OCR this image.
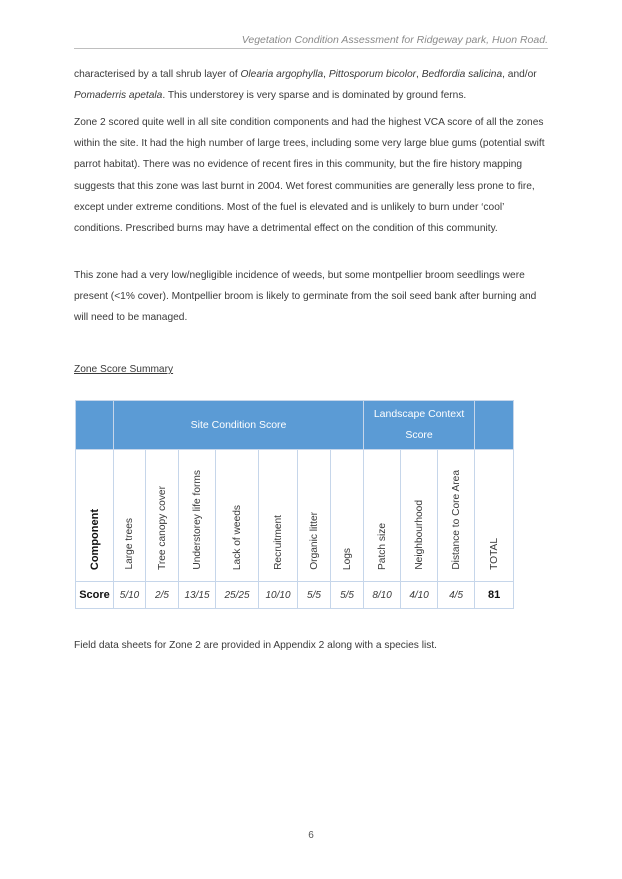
Vegetation Condition Assessment for Ridgeway park, Huon Road.

characterised by a tall shrub layer of Olearia argophylla, Pittosporum bicolor, Bedfordia salicina, and/or Pomaderris apetala. This understorey is very sparse and is dominated by ground ferns.

Zone 2 scored quite well in all site condition components and had the highest VCA score of all the zones within the site. It had the high number of large trees, including some very large blue gums (potential swift parrot habitat). There was no evidence of recent fires in this community, but the fire history mapping suggests that this zone was last burnt in 2004. Wet forest communities are generally less prone to fire, except under extreme conditions. Most of the fuel is elevated and is unlikely to burn under ‘cool’ conditions. Prescribed burns may have a detrimental effect on the condition of this community.

This zone had a very low/negligible incidence of weeds, but some montpellier broom seedlings were present (<1% cover). Montpellier broom is likely to germinate from the soil seed bank after burning and will need to be managed.

Zone Score Summary
	Site Condition Score							Landscape Context
Score			

Component	Large trees	Tree canopy cover	Understorey life forms	Lack of weeds	Recruitment	Organic litter	Logs	Patch size	Neighbourhood	Distance to Core Area	TOTAL
Score	5/10	2/5	13/15	25/25	10/10	5/5	5/5	8/10	4/10	4/5	81

Field data sheets for Zone 2 are provided in Appendix 2 along with a species list.

6
